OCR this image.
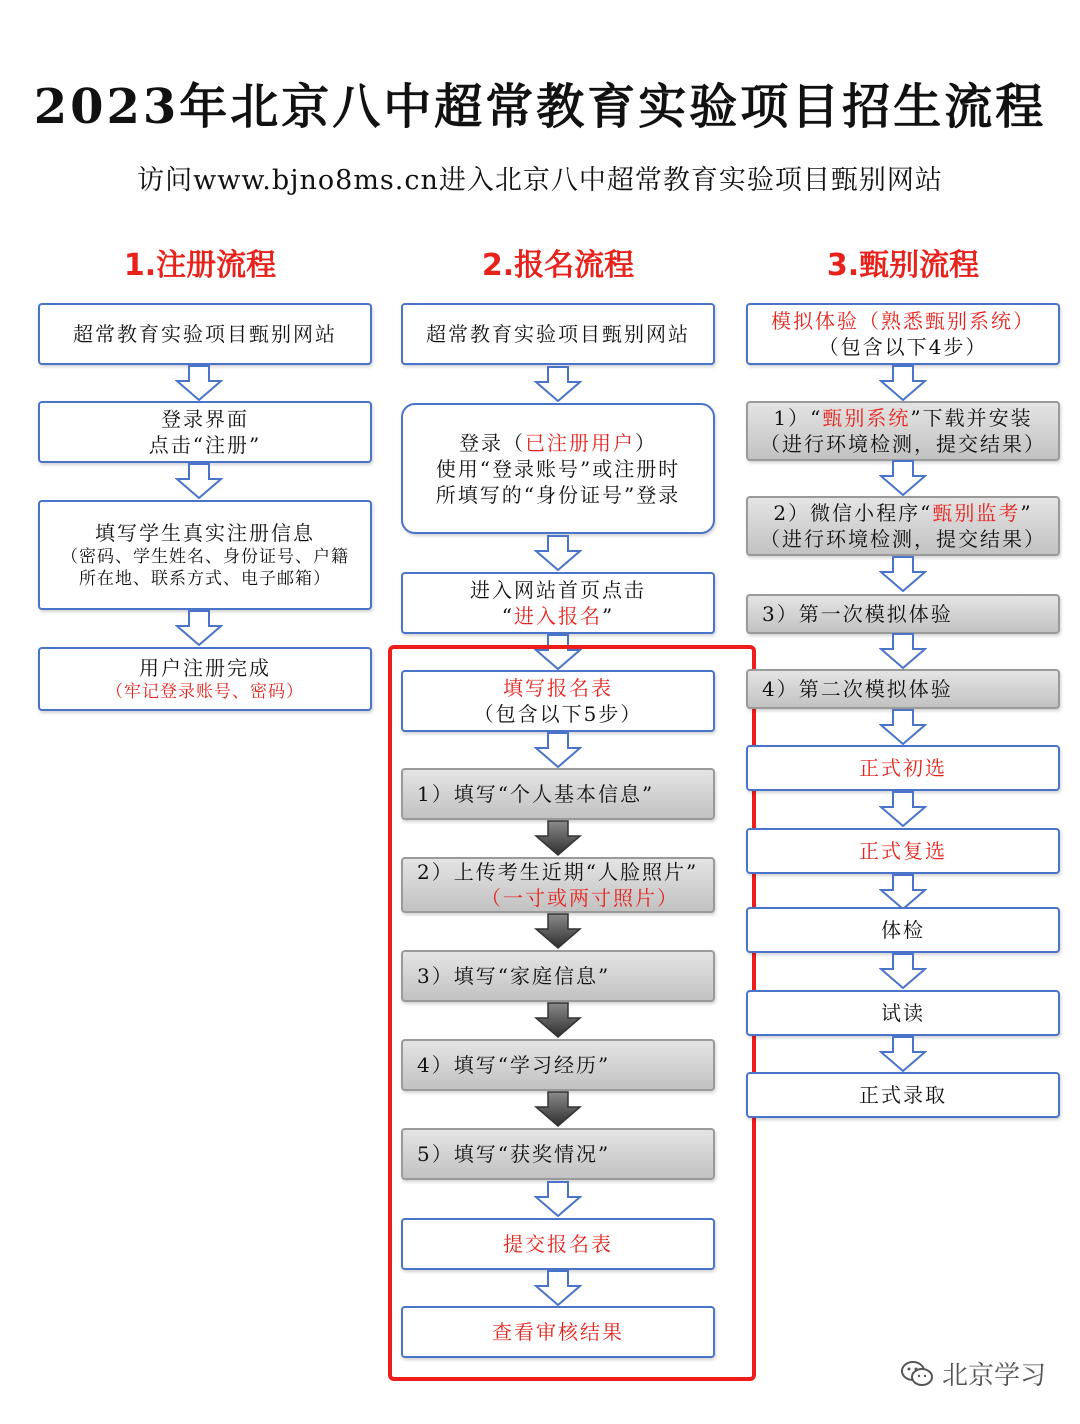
2023年北京八中超常教育实验项目招生流程
访问www.bjno8ms.cn进入北京八中超常教育实验项目甄别网站
1.注册流程	2.报名流程	3.甄别流程
超常教育实验项目甄别网站
登录界面
点击“注册”
填写学生真实注册信息
（密码、学生姓名、身份证号、户籍
所在地、联系方式、电子邮箱）
用户注册完成
（牢记登录账号、密码）
超常教育实验项目甄别网站
登录（已注册用户）
使用“登录账号”或注册时
所填写的“身份证号”登录
进入网站首页点击
“进入报名”
填写报名表
（包含以下5步）
1）填写“个人基本信息”
2）上传考生近期“人脸照片”
（一寸或两寸照片）
3）填写“家庭信息”
4）填写“学习经历”
5）填写“获奖情况”
提交报名表
查看审核结果
模拟体验（熟悉甄别系统）
（包含以下4步）
1）“甄别系统”下载并安装
（进行环境检测，提交结果）
2）微信小程序“甄别监考”
（进行环境检测，提交结果）
3）第一次模拟体验
4）第二次模拟体验
正式初选
正式复选
体检
试读
正式录取
北京学习
